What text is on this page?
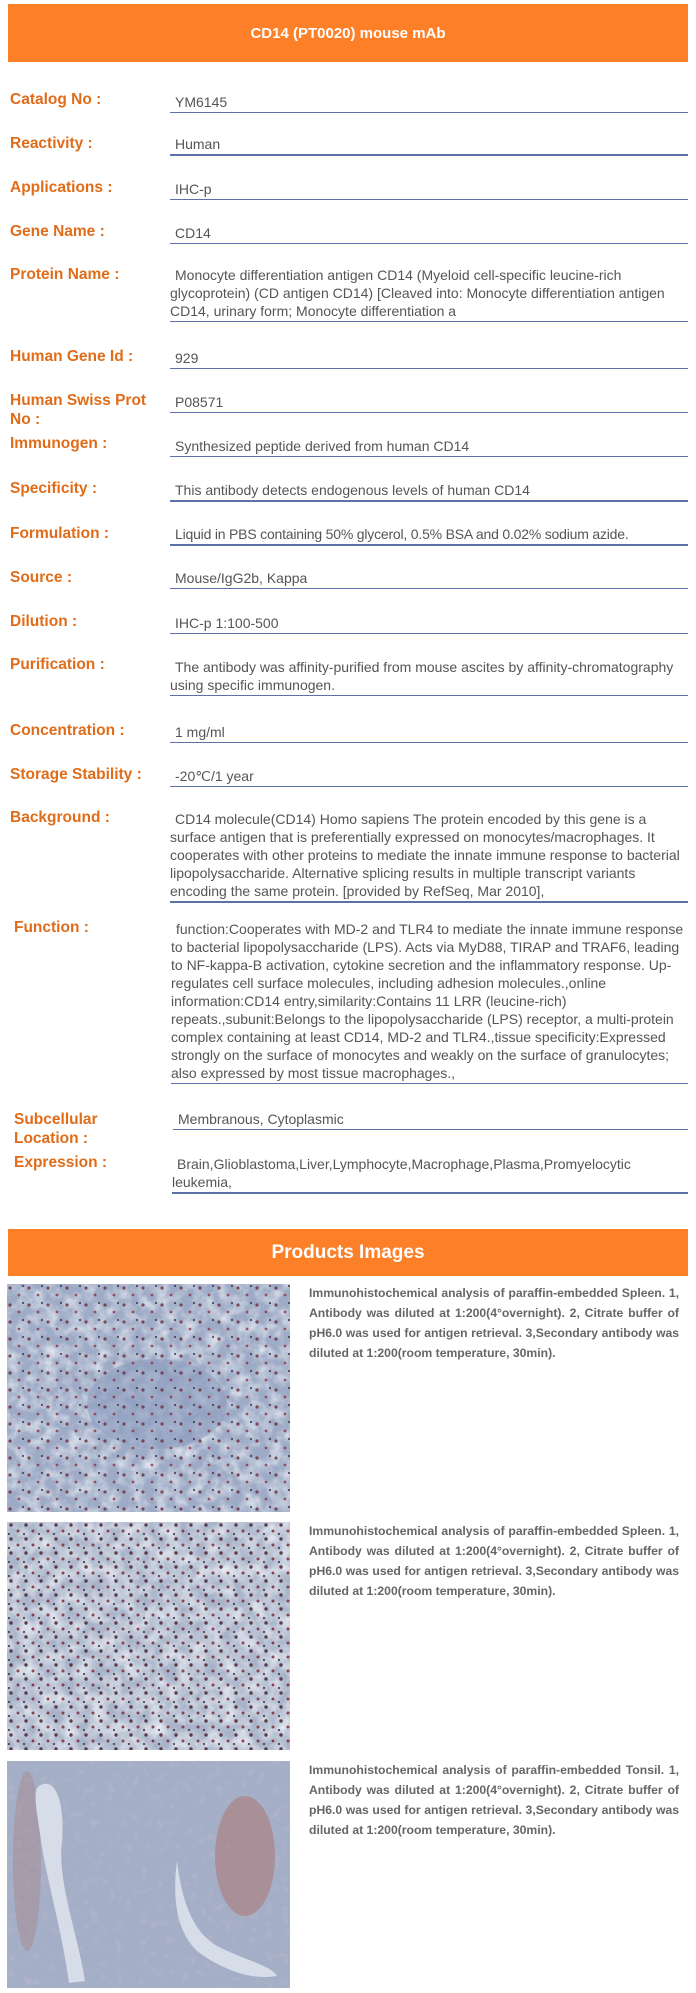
CD14 (PT0020) mouse mAb
Catalog No :	YM6145
Reactivity :	Human
Applications :	IHC-p
Gene Name :	CD14
Protein Name :	Monocyte differentiation antigen CD14 (Myeloid cell-specific leucine-rich glycoprotein) (CD antigen CD14) [Cleaved into: Monocyte differentiation antigen CD14, urinary form; Monocyte differentiation a
Human Gene Id :	929
Human Swiss Prot No :
P08571
Immunogen :	Synthesized peptide derived from human CD14
Specificity :	This antibody detects endogenous levels of human CD14
Formulation :	Liquid in PBS containing 50% glycerol, 0.5% BSA and 0.02% sodium azide.
Source :	Mouse/IgG2b, Kappa
Dilution :	IHC-p 1:100-500
Purification :	The antibody was affinity-purified from mouse ascites by affinity-chromatography using specific immunogen.
Concentration :	1 mg/ml
Storage Stability :	-20℃/1 year
Background :	CD14 molecule(CD14) Homo sapiens The protein encoded by this gene is a surface antigen that is preferentially expressed on monocytes/macrophages. It cooperates with other proteins to mediate the innate immune response to bacterial lipopolysaccharide. Alternative splicing results in multiple transcript variants encoding the same protein. [provided by RefSeq, Mar 2010],
Function :	function:Cooperates with MD-2 and TLR4 to mediate the innate immune response to bacterial lipopolysaccharide (LPS). Acts via MyD88, TIRAP and TRAF6, leading to NF-kappa-B activation, cytokine secretion and the inflammatory response. Up-regulates cell surface molecules, including adhesion molecules.,online information:CD14 entry,similarity:Contains 11 LRR (leucine-rich) repeats.,subunit:Belongs to the lipopolysaccharide (LPS) receptor, a multi-protein complex containing at least CD14, MD-2 and TLR4.,tissue specificity:Expressed strongly on the surface of monocytes and weakly on the surface of granulocytes; also expressed by most tissue macrophages.,
Subcellular Location :
Membranous, Cytoplasmic
Expression :	Brain,Glioblastoma,Liver,Lymphocyte,Macrophage,Plasma,Promyelocytic leukemia,
Products Images
Immunohistochemical analysis of paraffin-embedded Spleen. 1, Antibody was diluted at 1:200(4°overnight). 2, Citrate buffer of pH6.0 was used for antigen retrieval. 3,Secondary antibody was diluted at 1:200(room temperature, 30min).
Immunohistochemical analysis of paraffin-embedded Spleen. 1, Antibody was diluted at 1:200(4°overnight). 2, Citrate buffer of pH6.0 was used for antigen retrieval. 3,Secondary antibody was diluted at 1:200(room temperature, 30min).
Immunohistochemical analysis of paraffin-embedded Tonsil. 1, Antibody was diluted at 1:200(4°overnight). 2, Citrate buffer of pH6.0 was used for antigen retrieval. 3,Secondary antibody was diluted at 1:200(room temperature, 30min).
